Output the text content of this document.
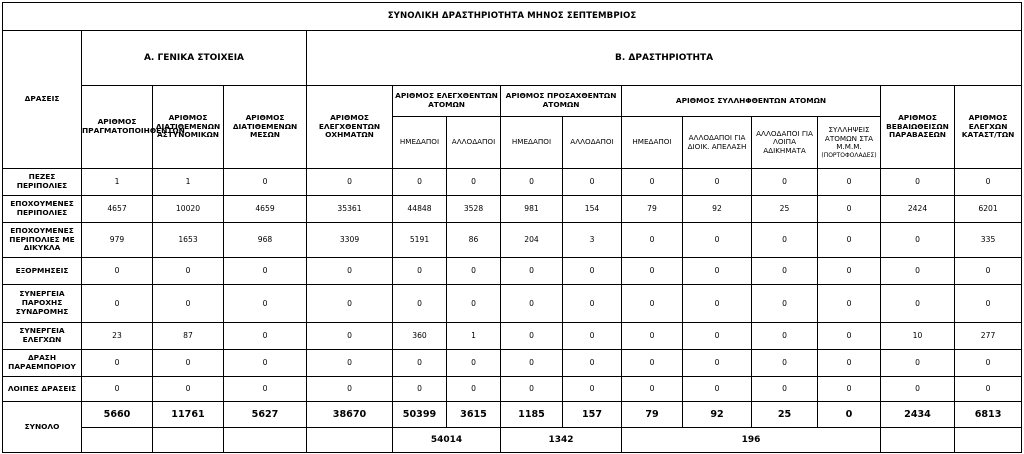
ΣΥΝΟΛΙΚΗ ΔΡΑΣΤΗΡΙΟΤΗΤΑ ΜΗΝΟΣ ΣΕΠΤΕΜΒΡΙΟΣ														
ΔΡΑΣΕΙΣ	Α. ΓΕΝΙΚΑ ΣΤΟΙΧΕΙΑ			Β. ΔΡΑΣΤΗΡΙΟΤΗΤΑ										
	ΑΡΙΘΜΟΣ ΠΡΑΓΜΑΤΟΠΟΙΗΘΕΝΤΩΝ	ΑΡΙΘΜΟΣ ΔΙΑΤΙΘΕΜΕΝΩΝ ΑΣΤΥΝΟΜΙΚΩΝ	ΑΡΙΘΜΟΣ ΔΙΑΤΙΘΕΜΕΝΩΝ ΜΕΣΩΝ	ΑΡΙΘΜΟΣ ΕΛΕΓΧΘΕΝΤΩΝ ΟΧΗΜΑΤΩΝ	ΑΡΙΘΜΟΣ ΕΛΕΓΧΘΕΝΤΩΝ ΑΤΟΜΩΝ		ΑΡΙΘΜΟΣ ΠΡΟΣΑΧΘΕΝΤΩΝ ΑΤΟΜΩΝ		ΑΡΙΘΜΟΣ ΣΥΛΛΗΦΘΕΝΤΩΝ ΑΤΟΜΩΝ				ΑΡΙΘΜΟΣ ΒΕΒΑΙΩΘΕΙΣΩΝ ΠΑΡΑΒΑΣΕΩΝ	ΑΡΙΘΜΟΣ ΕΛΕΓΧΩΝ ΚΑΤΑΣΤ/ΤΩΝ
					ΗΜΕΔΑΠΟΙ	ΑΛΛΟΔΑΠΟΙ	ΗΜΕΔΑΠΟΙ	ΑΛΛΟΔΑΠΟΙ	ΗΜΕΔΑΠΟΙ	ΑΛΛΟΔΑΠΟΙ ΓΙΑ ΔΙΟΙΚ. ΑΠΕΛΑΣΗ	ΑΛΛΟΔΑΠΟΙ ΓΙΑ ΛΟΙΠΑ ΑΔΙΚΗΜΑΤΑ	ΣΥΛΛΗΨΕΙΣ ΑΤΟΜΩΝ ΣΤΑ Μ.Μ.Μ.
(ΠΟΡΤΟΦΟΛΑΔΕΣ)		

ΠΕΖΕΣ ΠΕΡΙΠΟΛΙΕΣ	1	1	0	0	0	0	0	0	0	0	0	0	0	0
ΕΠΟΧΟΥΜΕΝΕΣ ΠΕΡΙΠΟΛΙΕΣ	4657	10020	4659	35361	44848	3528	981	154	79	92	25	0	2424	6201
ΕΠΟΧΟΥΜΕΝΕΣ ΠΕΡΙΠΟΛΙΕΣ ΜΕ ΔΙΚΥΚΛΑ	979	1653	968	3309	5191	86	204	3	0	0	0	0	0	335
ΕΞΟΡΜΗΣΕΙΣ	0	0	0	0	0	0	0	0	0	0	0	0	0	0
ΣΥΝΕΡΓΕΙΑ ΠΑΡΟΧΗΣ ΣΥΝΔΡΟΜΗΣ	0	0	0	0	0	0	0	0	0	0	0	0	0	0
ΣΥΝΕΡΓΕΙΑ ΕΛΕΓΧΩΝ	23	87	0	0	360	1	0	0	0	0	0	0	10	277
ΔΡΑΣΗ ΠΑΡΑΕΜΠΟΡΙΟΥ	0	0	0	0	0	0	0	0	0	0	0	0	0	0
ΛΟΙΠΕΣ ΔΡΑΣΕΙΣ	0	0	0	0	0	0	0	0	0	0	0	0	0	0
ΣΥΝΟΛΟ	5660	11761	5627	38670	50399	3615	1185	157	79	92	25	0	2434	6813
					54014		1342		196					
